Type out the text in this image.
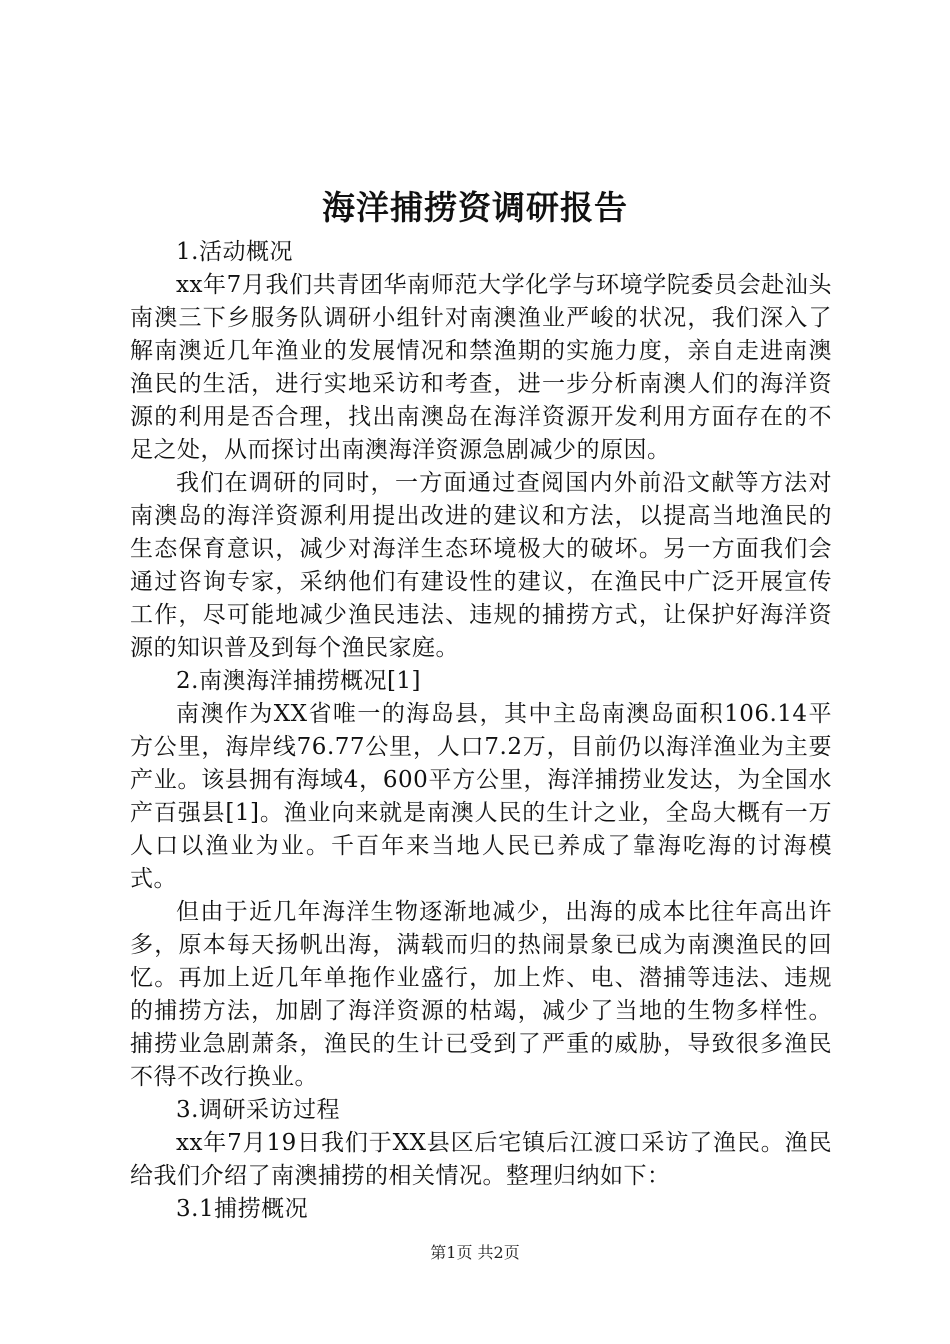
海洋捕捞资调研报告

1.活动概况

xx年7月我们共青团华南师范大学化学与环境学院委员会赴汕头南澳三下乡服务队调研小组针对南澳渔业严峻的状况，我们深入了解南澳近几年渔业的发展情况和禁渔期的实施力度，亲自走进南澳渔民的生活，进行实地采访和考查，进一步分析南澳人们的海洋资源的利用是否合理，找出南澳岛在海洋资源开发利用方面存在的不足之处，从而探讨出南澳海洋资源急剧减少的原因。

我们在调研的同时，一方面通过查阅国内外前沿文献等方法对南澳岛的海洋资源利用提出改进的建议和方法，以提高当地渔民的生态保育意识，减少对海洋生态环境极大的破坏。另一方面我们会通过咨询专家，采纳他们有建设性的建议，在渔民中广泛开展宣传工作，尽可能地减少渔民违法、违规的捕捞方式，让保护好海洋资源的知识普及到每个渔民家庭。

2.南澳海洋捕捞概况[1]

南澳作为XX省唯一的海岛县，其中主岛南澳岛面积106.14平方公里，海岸线76.77公里，人口7.2万，目前仍以海洋渔业为主要产业。该县拥有海域4，600平方公里，海洋捕捞业发达，为全国水产百强县[1]。渔业向来就是南澳人民的生计之业，全岛大概有一万人口以渔业为业。千百年来当地人民已养成了靠海吃海的讨海模式。

但由于近几年海洋生物逐渐地减少，出海的成本比往年高出许多，原本每天扬帆出海，满载而归的热闹景象已成为南澳渔民的回忆。再加上近几年单拖作业盛行，加上炸、电、潜捕等违法、违规的捕捞方法，加剧了海洋资源的枯竭，减少了当地的生物多样性。捕捞业急剧萧条，渔民的生计已受到了严重的威胁，导致很多渔民不得不改行换业。

3.调研采访过程

xx年7月19日我们于XX县区后宅镇后江渡口采访了渔民。渔民给我们介绍了南澳捕捞的相关情况。整理归纳如下：

3.1捕捞概况

第1页 共2页
